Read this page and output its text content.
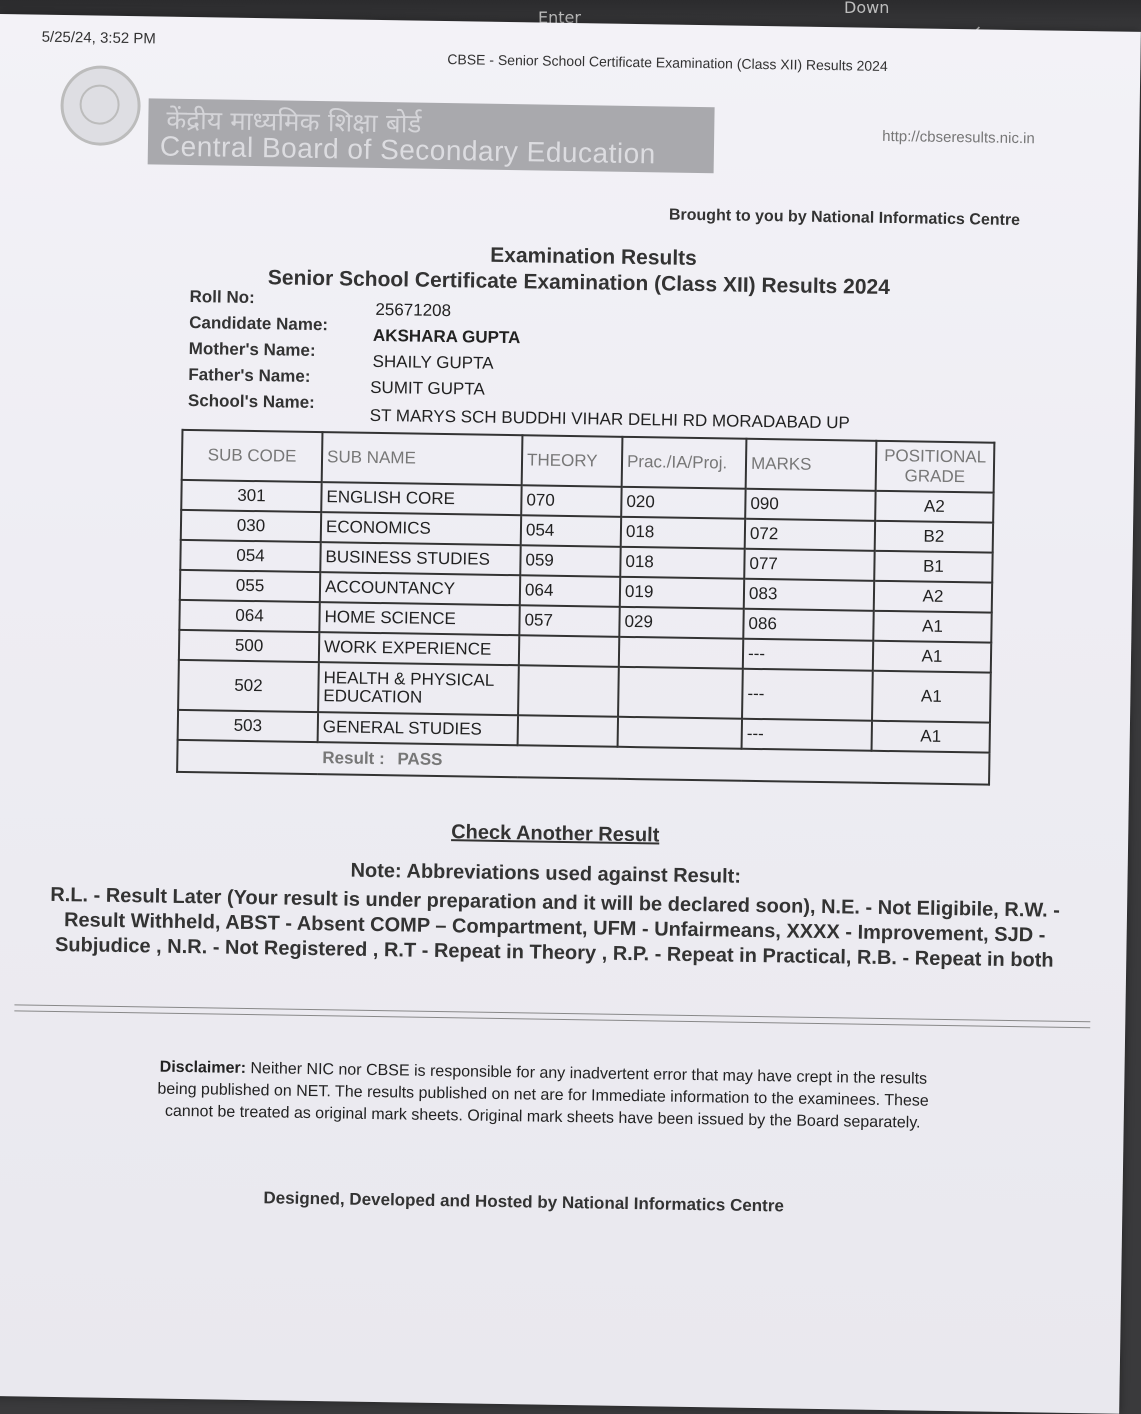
Enter
Down
5/25/24, 3:52 PM
CBSE - Senior School Certificate Examination (Class XII) Results 2024
http://cbseresults.nic.in
केंद्रीय माध्यमिक शिक्षा बोर्ड
Central Board of Secondary Education
Brought to you by National Informatics Centre
Examination Results
Senior School Certificate Examination (Class XII) Results 2024
Roll No:
25671208
Candidate Name:
AKSHARA GUPTA
Mother's Name:
SHAILY GUPTA
Father's Name:
SUMIT GUPTA
School's Name:
ST MARYS SCH BUDDHI VIHAR DELHI RD MORADABAD UP
SUB CODE	SUB NAME	THEORY	Prac./IA/Proj.	MARKS	POSITIONAL GRADE
301	ENGLISH CORE	070	020	090	A2
030	ECONOMICS	054	018	072	B2
054	BUSINESS STUDIES	059	018	077	B1
055	ACCOUNTANCY	064	019	083	A2
064	HOME SCIENCE	057	029	086	A1
500	WORK EXPERIENCE			---	A1
502	HEALTH & PHYSICAL EDUCATION			---	A1
503	GENERAL STUDIES			---	A1
Result : PASS					
Check Another Result
Note: Abbreviations used against Result:
R.L. - Result Later (Your result is under preparation and it will be declared soon), N.E. - Not Eligibile, R.W. - Result Withheld, ABST - Absent COMP – Compartment, UFM - Unfairmeans, XXXX - Improvement, SJD - Subjudice , N.R. - Not Registered , R.T - Repeat in Theory , R.P. - Repeat in Practical, R.B. - Repeat in both
Disclaimer: Neither NIC nor CBSE is responsible for any inadvertent error that may have crept in the results being published on NET. The results published on net are for Immediate information to the examinees. These cannot be treated as original mark sheets. Original mark sheets have been issued by the Board separately.
Designed, Developed and Hosted by National Informatics Centre
